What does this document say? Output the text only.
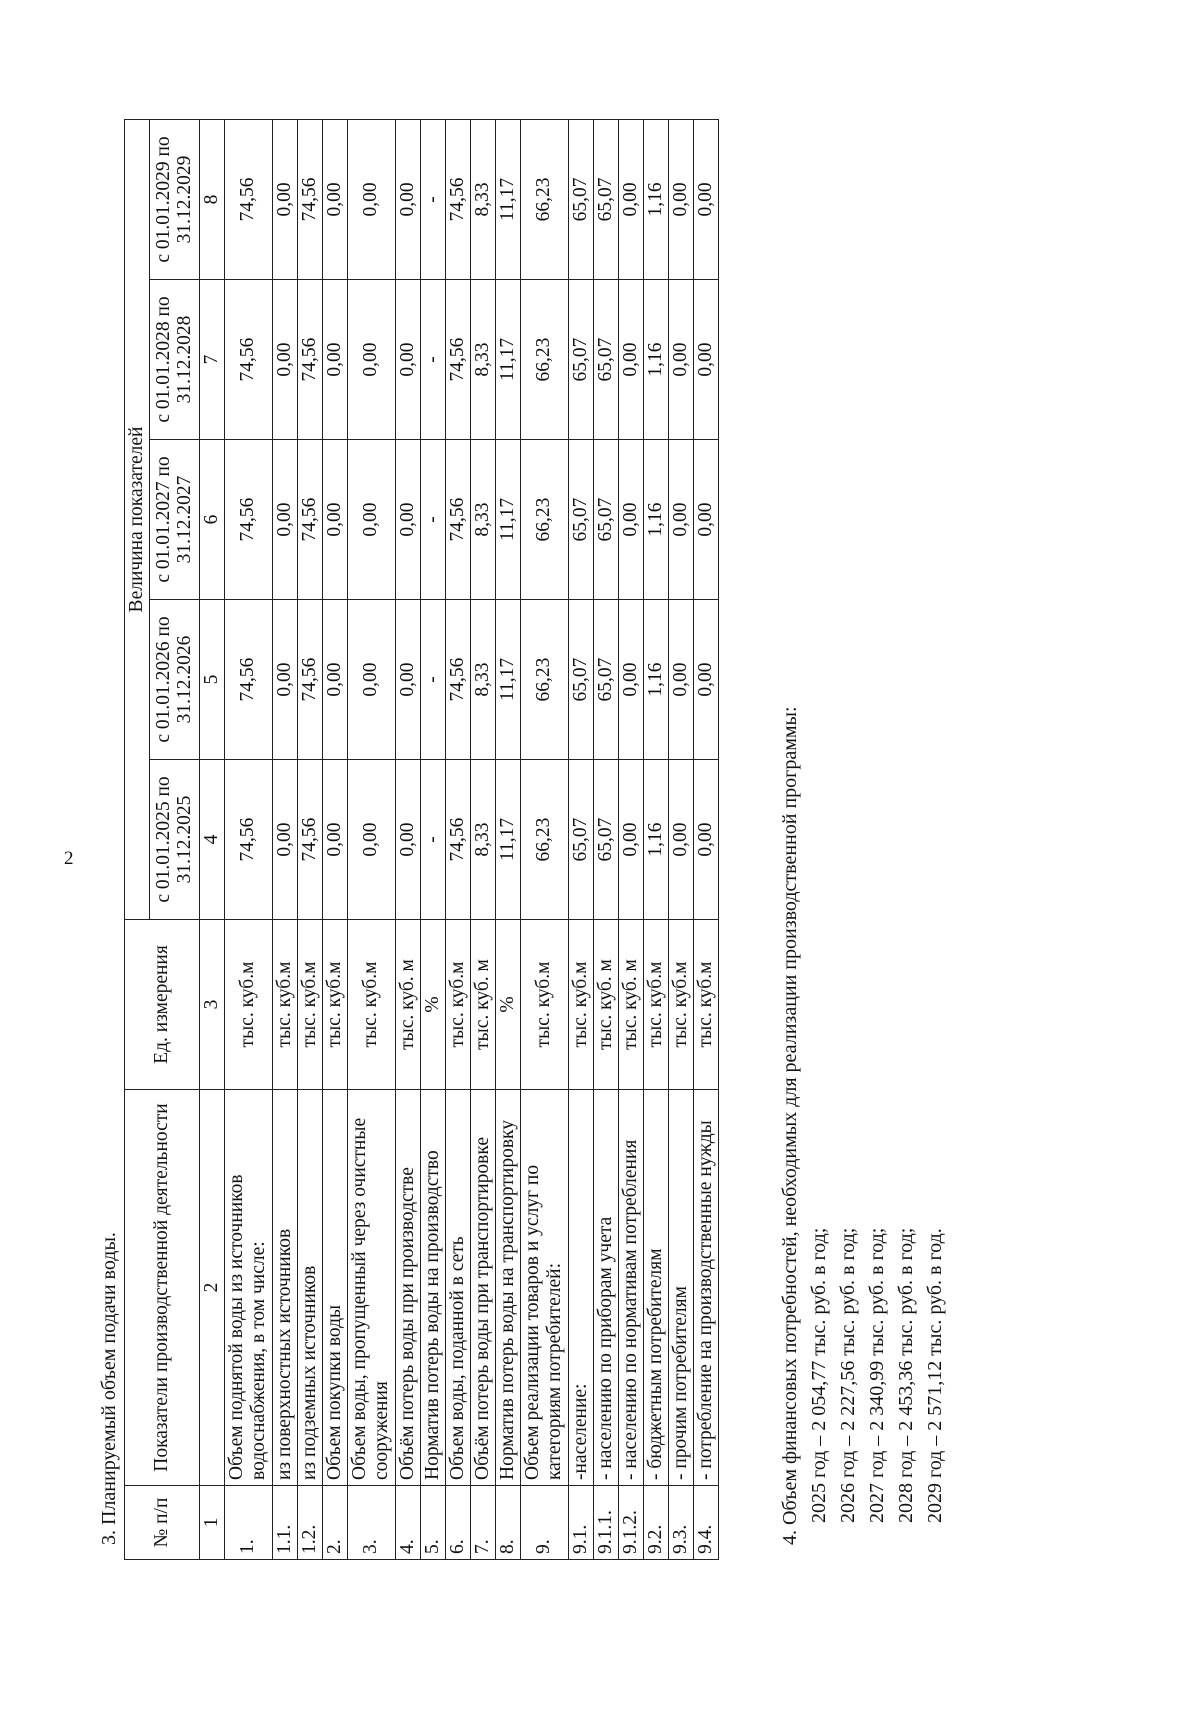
2
3. Планируемый объем подачи воды. № п/п	Показатели производственной деятельности	Ед. измерения	Величина показателей				
			с 01.01.2025 по 31.12.2025	с 01.01.2026 по 31.12.2026	с 01.01.2027 по 31.12.2027	с 01.01.2028 по 31.12.2028	с 01.01.2029 по 31.12.2029
1	2	3	4	5	6	7	8
1.	Объем поднятой воды из источников водоснабжения, в том числе:	тыс. куб.м	74,56	74,56	74,56	74,56	74,56
1.1.	из поверхностных источников	тыс. куб.м	0,00	0,00	0,00	0,00	0,00
1.2.	из подземных источников	тыс. куб.м	74,56	74,56	74,56	74,56	74,56
2.	Объем покупки воды	тыс. куб.м	0,00	0,00	0,00	0,00	0,00
3.	Объем воды, пропущенный через очистные сооружения	тыс. куб.м	0,00	0,00	0,00	0,00	0,00
4.	Объём потерь воды при производстве	тыс. куб. м	0,00	0,00	0,00	0,00	0,00
5.	Норматив потерь воды на производство	%	-	-	-	-	-
6.	Объем воды, поданной в сеть	тыс. куб.м	74,56	74,56	74,56	74,56	74,56
7.	Объём потерь воды при транспортировке	тыс. куб. м	8,33	8,33	8,33	8,33	8,33
8.	Норматив потерь воды на транспортировку	%	11,17	11,17	11,17	11,17	11,17
9.	Объем реализации товаров и услуг по категориям потребителей:	тыс. куб.м	66,23	66,23	66,23	66,23	66,23
9.1.	-население:	тыс. куб.м	65,07	65,07	65,07	65,07	65,07
9.1.1.	- населению по приборам учета	тыс. куб. м	65,07	65,07	65,07	65,07	65,07
9.1.2.	- населению по нормативам потребления	тыс. куб. м	0,00	0,00	0,00	0,00	0,00
9.2.	- бюджетным потребителям	тыс. куб.м	1,16	1,16	1,16	1,16	1,16
9.3.	- прочим потребителям	тыс. куб.м	0,00	0,00	0,00	0,00	0,00
9.4.	- потребление на производственные нужды	тыс. куб.м	0,00	0,00	0,00	0,00	0,00
4. Объем финансовых потребностей, необходимых для реализации производственной программы: 2025 год – 2 054,77 тыс. руб. в год; 2026 год – 2 227,56 тыс. руб. в год; 2027 год – 2 340,99 тыс. руб. в год; 2028 год – 2 453,36 тыс. руб. в год; 2029 год – 2 571,12 тыс. руб. в год.
